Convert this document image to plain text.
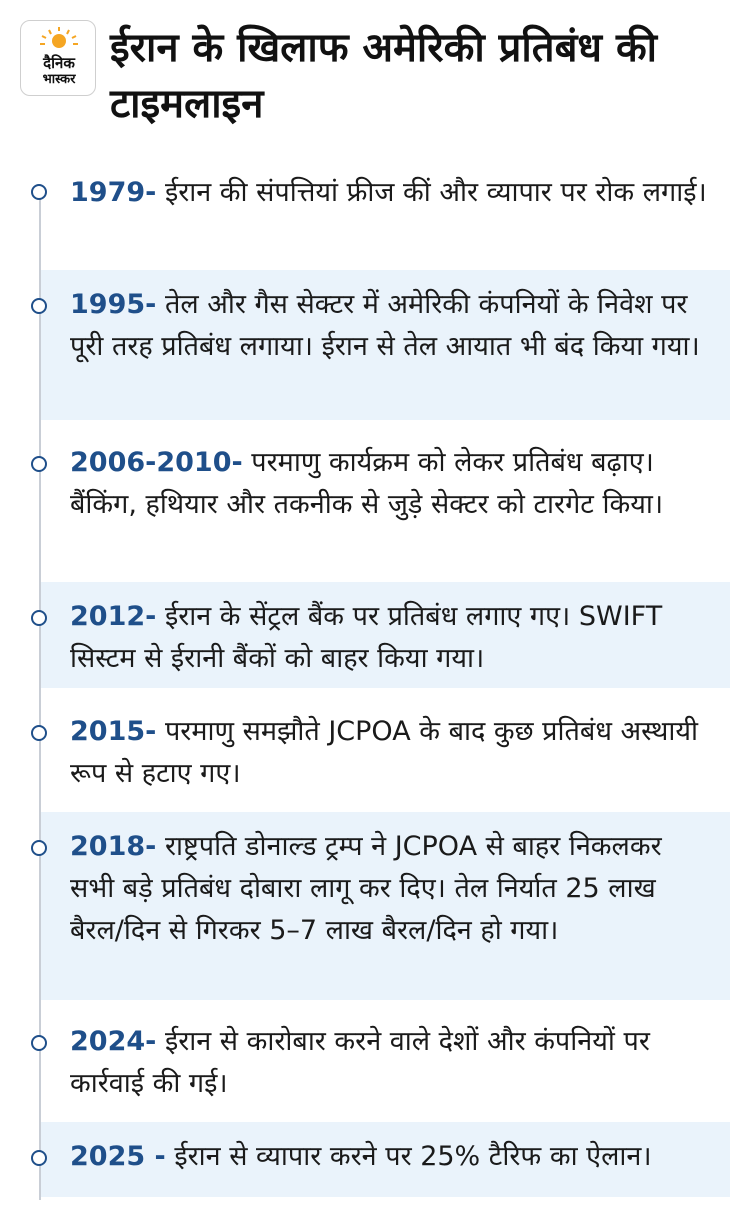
दैनिक
भास्कर
ईरान के खिलाफ अमेरिकी प्रतिबंध की टाइमलाइन
1979- ईरान की संपत्तियां फ्रीज कीं और व्यापार पर रोक लगाई।
1995- तेल और गैस सेक्टर में अमेरिकी कंपनियों के निवेश पर पूरी तरह प्रतिबंध लगाया। ईरान से तेल आयात भी बंद किया गया।
2006-2010- परमाणु कार्यक्रम को लेकर प्रतिबंध बढ़ाए। बैंकिंग, हथियार और तकनीक से जुड़े सेक्टर को टारगेट किया।
2012- ईरान के सेंट्रल बैंक पर प्रतिबंध लगाए गए। SWIFT सिस्टम से ईरानी बैंकों को बाहर किया गया।
2015- परमाणु समझौते JCPOA के बाद कुछ प्रतिबंध अस्थायी रूप से हटाए गए।
2018- राष्ट्रपति डोनाल्ड ट्रम्प ने JCPOA से बाहर निकलकर सभी बड़े प्रतिबंध दोबारा लागू कर दिए। तेल निर्यात 25 लाख बैरल/दिन से गिरकर 5–7 लाख बैरल/दिन हो गया।
2024- ईरान से कारोबार करने वाले देशों और कंपनियों पर कार्रवाई की गई।
2025 - ईरान से व्यापार करने पर 25% टैरिफ का ऐलान।
